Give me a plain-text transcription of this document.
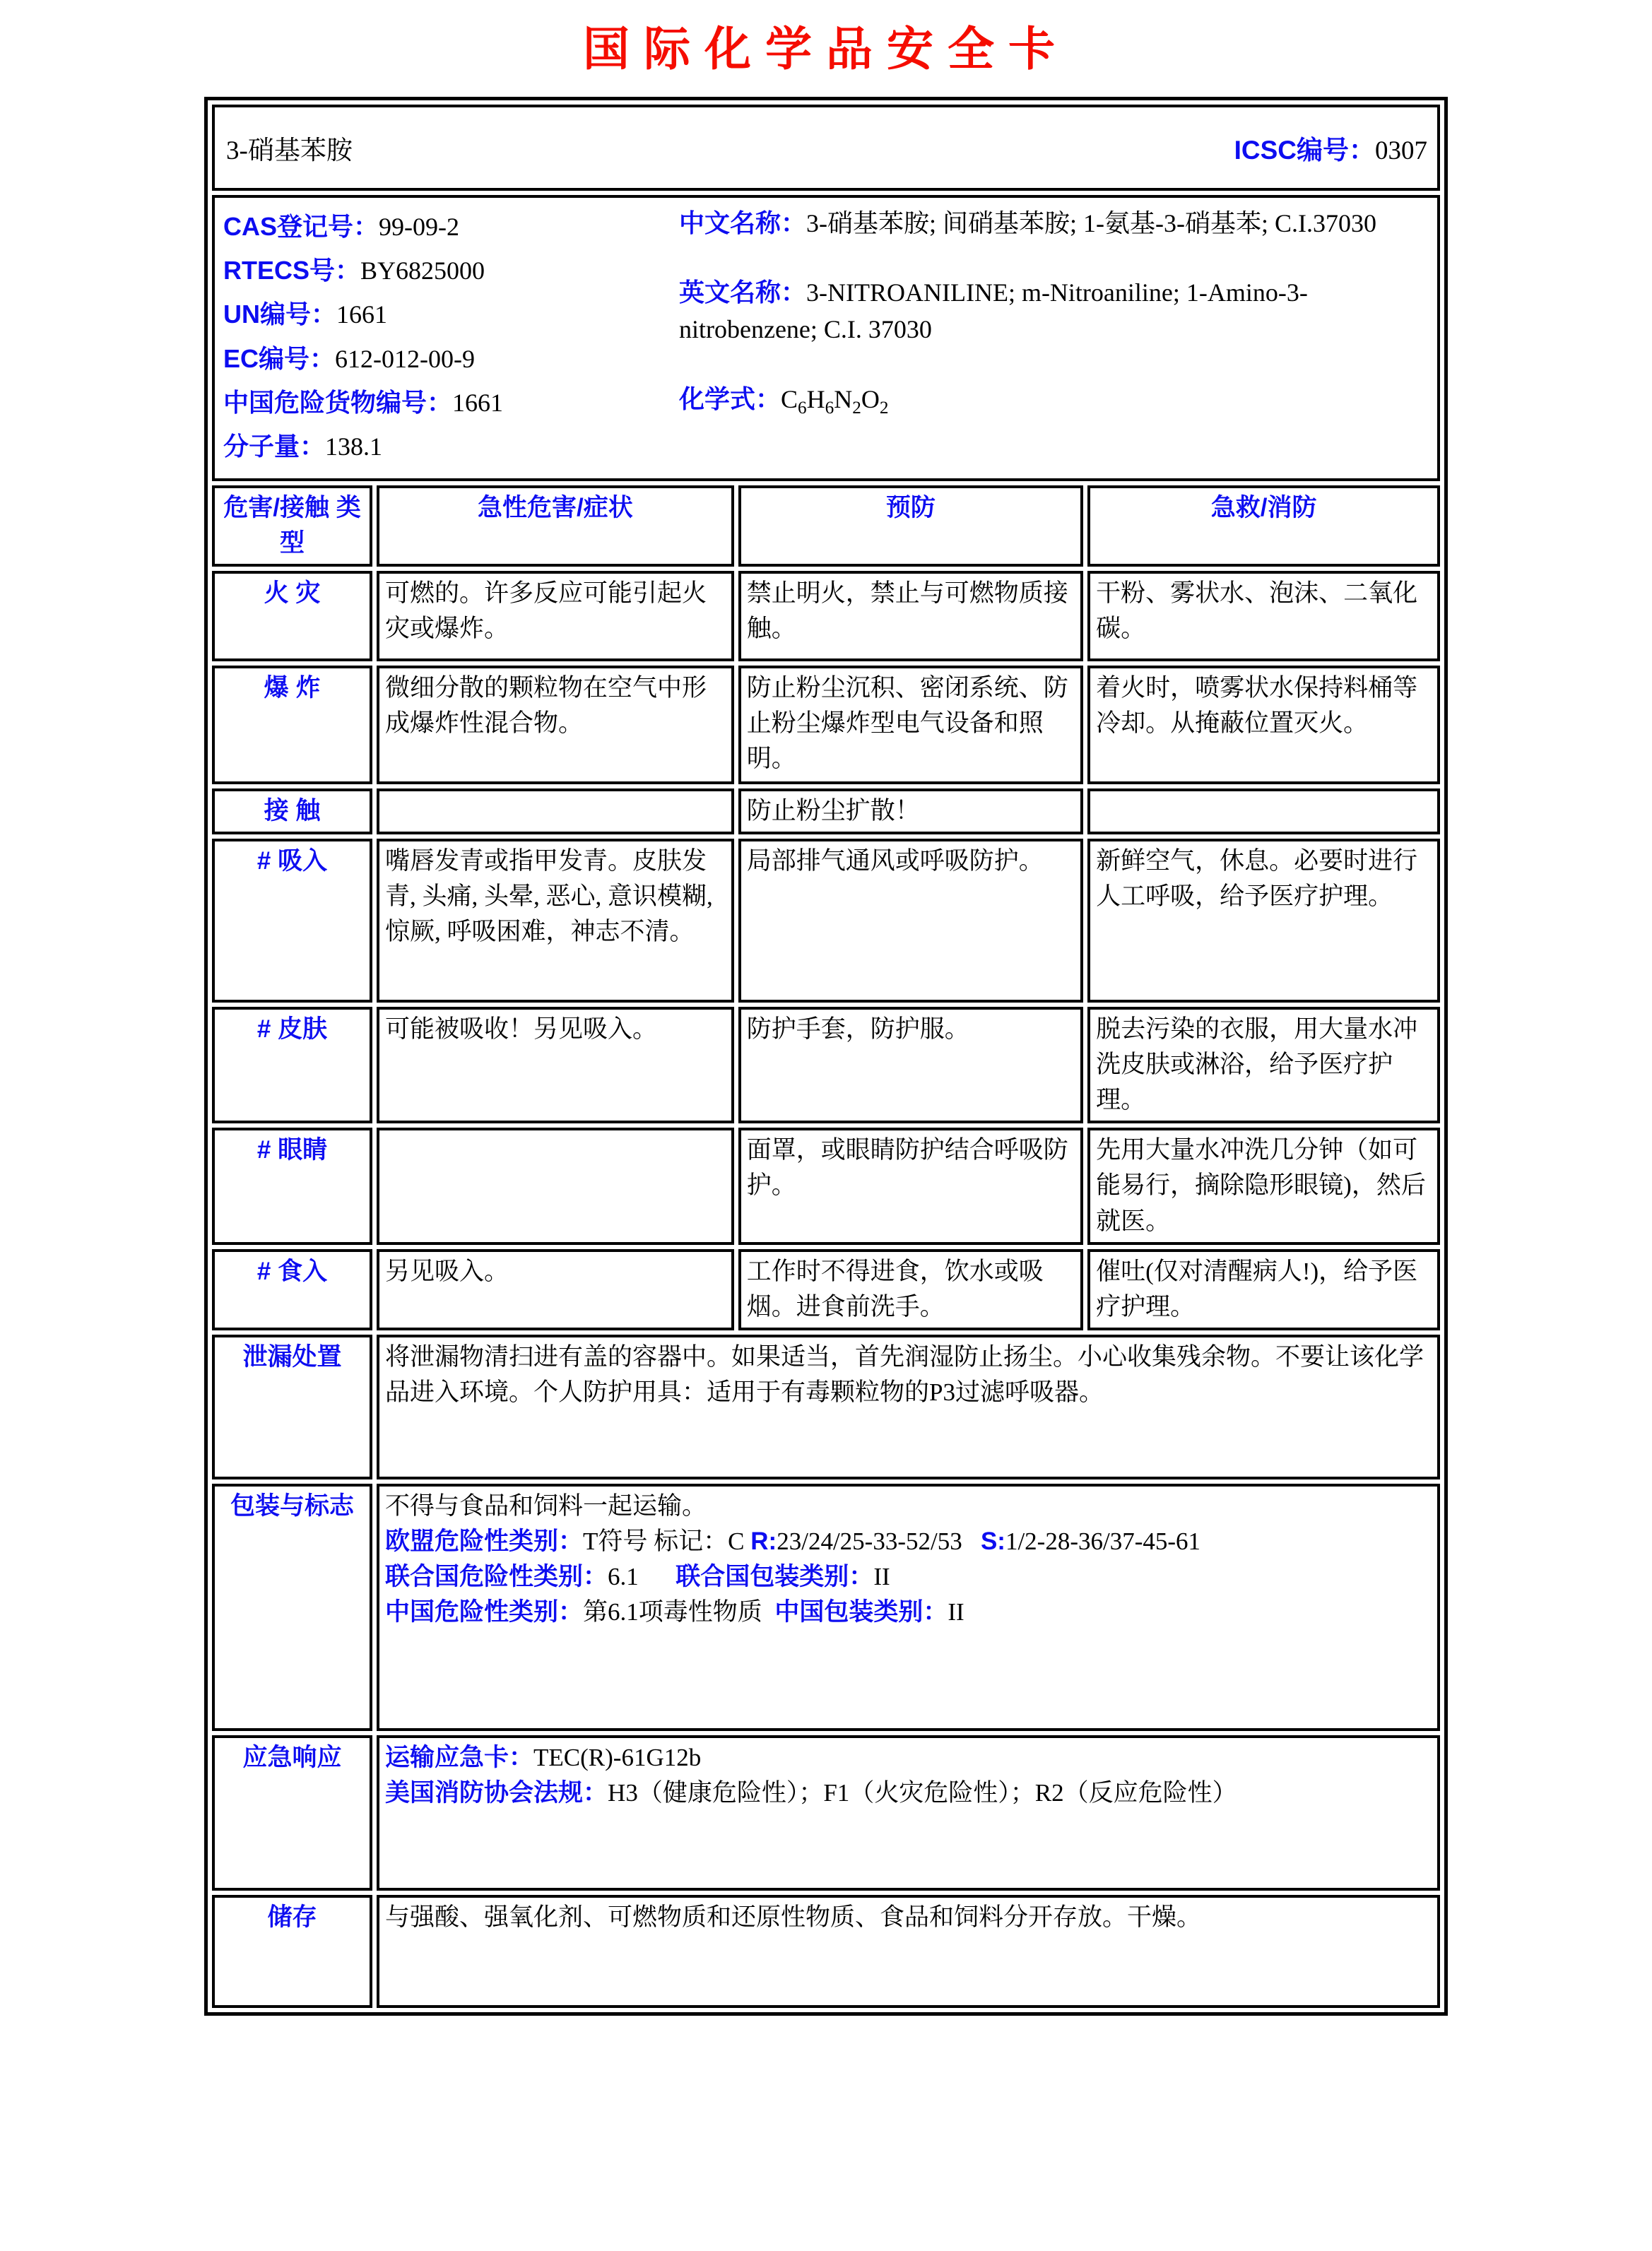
国际化学品安全卡
3-硝基苯胺	ICSC编号：0307
CAS登记号：99-09-2
RTECS号：BY6825000
UN编号：1661
EC编号：612-012-00-9
中国危险货物编号：1661
分子量：138.1

中文名称：3-硝基苯胺; 间硝基苯胺; 1-氨基-3-硝基苯; C.I.37030

英文名称：3-NITROANILINE; m-Nitroaniline; 1-Amino-3-nitrobenzene; C.I. 37030

化学式：$C_6H_6N_2O_2$

危害/接触 类型	急性危害/症状	预防	急救/消防
火 灾	可燃的。许多反应可能引起火灾或爆炸。	禁止明火，禁止与可燃物质接触。	干粉、雾状水、泡沫、二氧化碳。
爆 炸	微细分散的颗粒物在空气中形成爆炸性混合物。	防止粉尘沉积、密闭系统、防止粉尘爆炸型电气设备和照明。	着火时，喷雾状水保持料桶等冷却。从掩蔽位置灭火。
接 触		防止粉尘扩散！	
# 吸入	嘴唇发青或指甲发青。皮肤发青, 头痛, 头晕, 恶心, 意识模糊, 惊厥, 呼吸困难，神志不清。	局部排气通风或呼吸防护。	新鲜空气，休息。必要时进行人工呼吸，给予医疗护理。
# 皮肤	可能被吸收！另见吸入。	防护手套，防护服。	脱去污染的衣服，用大量水冲洗皮肤或淋浴，给予医疗护理。
# 眼睛		面罩，或眼睛防护结合呼吸防护。	先用大量水冲洗几分钟（如可能易行，摘除隐形眼镜)，然后就医。
# 食入	另见吸入。	工作时不得进食，饮水或吸烟。进食前洗手。	催吐(仅对清醒病人!)，给予医疗护理。
泄漏处置	将泄漏物清扫进有盖的容器中。如果适当，首先润湿防止扬尘。小心收集残余物。不要让该化学品进入环境。个人防护用具：适用于有毒颗粒物的P3过滤呼吸器。		

包装与标志	不得与食品和饲料一起运输。

欧盟危险性类别：T符号 标记：C R:23/24/25-33-52/53   S:1/2-28-36/37-45-61

联合国危险性类别：6.1      联合国包装类别：II

中国危险性类别：第6.1项毒性物质  中国包装类别：II		

应急响应	运输应急卡：TEC(R)-61G12b

美国消防协会法规：H3（健康危险性）；F1（火灾危险性）；R2（反应危险性）		

储存	与强酸、强氧化剂、可燃物质和还原性物质、食品和饲料分开存放。干燥。		
